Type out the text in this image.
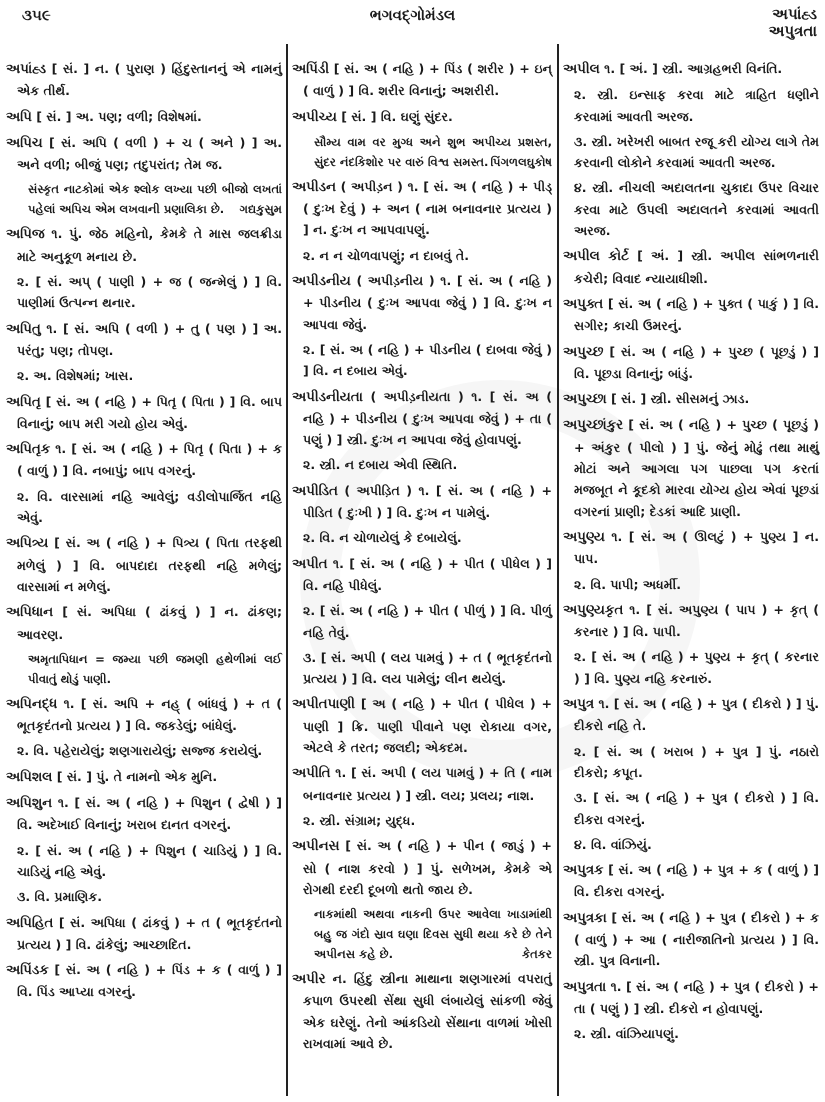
૩૫૯	ભગવદ્ગોમંડલ	અપાંહ્ડ
અપુત્રતા
અપાંહ્ડ [ સં. ] ન. ( પુરાણ ) હિંદુસ્તાનનું એ નામનું એક તીર્થ.
અપિ [ સં. ] અ. પણ; વળી; વિશેષમાં.
અપિચ [ સં. અપિ ( વળી ) + ચ ( અને ) ] અ. અને વળી; બીજું પણ; તદુપરાંત; તેમ જ.
સંસ્કૃત નાટકોમાં એક શ્લોક લખ્યા પછી બીજો લખતાં પહેલાં અપિચ એમ લખવાની પ્રણાલિકા છે. ગદ્યકુસુમ
અપિજ ૧. પું. જેઠ મહિનો, કેમકે તે માસ જલક્રીડા માટે અનુકૂળ મનાય છે.
૨. [ સં. અપ્ ( પાણી ) + જ ( જન્મેલું ) ] વિ. પાણીમાં ઉત્પન્ન થનાર.
અપિતુ ૧. [ સં. અપિ ( વળી ) + તુ ( પણ ) ] અ. પરંતુ; પણ; તોપણ.
૨. અ. વિશેષમાં; ખાસ.
અપિતૃ [ સં. અ ( નહિ ) + પિતૃ ( પિતા ) ] વિ. બાપ વિનાનું; બાપ મરી ગયો હોય એવું.
અપિતૃક ૧. [ સં. અ ( નહિ ) + પિતૃ ( પિતા ) + ક ( વાળું ) ] વિ. નબાપું; બાપ વગરનું.
૨. વિ. વારસામાં નહિ આવેલું; વડીલોપાર્જિત નહિ એવું.
અપિત્ર્ય [ સં. અ ( નહિ ) + પિત્ર્ય ( પિતા તરફથી મળેલું ) ] વિ. બાપદાદા તરફથી નહિ મળેલું; વારસામાં ન મળેલું.
અપિધાન [ સં. અપિધા ( ઢાંકવું ) ] ન. ઢાંકણ; આવરણ.
અમૃતાપિધાન = જમ્યા પછી જમણી હથેળીમાં લઈ પીવાતું થોડું પાણી.
અપિનદ્ધ ૧. [ સં. અપિ + નહ્ ( બાંધવું ) + ત ( ભૂતકૃદંતનો પ્રત્યય ) ] વિ. જકડેલું; બાંધેલું.
૨. વિ. પહેરાયેલું; શણગારાયેલું; સજ્જ કરાયેલું.
અપિશલ [ સં. ] પું. તે નામનો એક મુનિ.
અપિશુન ૧. [ સં. અ ( નહિ ) + પિશુન ( દ્વેષી ) ] વિ. અદેખાઈ વિનાનું; ખરાબ દાનત વગરનું.
૨. [ સં. અ ( નહિ ) + પિશુન ( ચાડિયું ) ] વિ. ચાડિયું નહિ એવું.
૩. વિ. પ્રમાણિક.
અપિહિત [ સં. અપિધા ( ઢાંકવું ) + ત ( ભૂતકૃદંતનો પ્રત્યય ) ] વિ. ઢાંકેલું; આચ્છાદિત.
અપિંડક [ સં. અ ( નહિ ) + પિંડ + ક ( વાળું ) ] વિ. પિંડ આપ્યા વગરનું.
અપિંડી [ સં. અ ( નહિ ) + પિંડ ( શરીર ) + ઇન્ ( વાળું ) ] વિ. શરીર વિનાનું; અશરીરી.
અપીચ્ય [ સં. ] વિ. ઘણું સુંદર.
સૌમ્ય વામ વર મુગ્ધ અને શુભ અપીચ્ય પ્રશસ્ત, સુંદર નંદકિશોર પર વારું વિશ્વ સમસ્ત. પિંગળલઘુકોષ
અપીડન ( અપીડ઼ન ) ૧. [ સં. અ ( નહિ ) + પીડ્ ( દુઃખ દેવું ) + અન ( નામ બનાવનાર પ્રત્યય ) ] ન. દુઃખ ન આપવાપણું.
૨. ન ન ચોળવાપણું; ન દાબવું તે.
અપીડનીય ( અપીડ઼નીય ) ૧. [ સં. અ ( નહિ ) + પીડનીય ( દુઃખ આપવા જેવું ) ] વિ. દુઃખ ન આપવા જેવું.
૨. [ સં. અ ( નહિ ) + પીડનીય ( દાબવા જેવું ) ] વિ. ન દબાય એવું.
અપીડનીયતા ( અપીડ઼નીયતા ) ૧. [ સં. અ ( નહિ ) + પીડનીય ( દુઃખ આપવા જેવું ) + તા ( પણું ) ] સ્ત્રી. દુઃખ ન આપવા જેવું હોવાપણું.
૨. સ્ત્રી. ન દબાય એવી સ્થિતિ.
અપીડિત ( અપીડ઼િત ) ૧. [ સં. અ ( નહિ ) + પીડિત ( દુઃખી ) ] વિ. દુઃખ ન પામેલું.
૨. વિ. ન ચોળાયેલું કે દબાયેલું.
અપીત ૧. [ સં. અ ( નહિ ) + પીત ( પીધેલ ) ] વિ. નહિ પીધેલું.
૨. [ સં. અ ( નહિ ) + પીત ( પીળું ) ] વિ. પીળું નહિ તેવું.
૩. [ સં. અપી ( લય પામવું ) + ત ( ભૂતકૃદંતનો પ્રત્યય ) ] વિ. લય પામેલું; લીન થયેલું.
અપીતપાણી [ અ ( નહિ ) + પીત ( પીધેલ ) + પાણી ] ક્રિ. પાણી પીવાને પણ રોકાયા વગર, એટલે કે તરત; જલદી; એકદમ.
અપીતિ ૧. [ સં. અપી ( લય પામવું ) + તિ ( નામ બનાવનાર પ્રત્યય ) ] સ્ત્રી. લય; પ્રલય; નાશ.
૨. સ્ત્રી. સંગ્રામ; યુદ્ધ.
અપીનસ [ સં. અ ( નહિ ) + પીન ( જાડું ) + સો ( નાશ કરવો ) ] પું. સળેખમ, કેમકે એ રોગથી દરદી દૂબળો થતો જાય છે.
નાકમાંથી અથવા નાકની ઉપર આવેલા ખાડામાંથી બહુ જ ગંદો સ્રાવ ઘણા દિવસ સુધી થયા કરે છે તેને અપીનસ કહે છે.	કેતકર
અપીર ન. હિંદુ સ્ત્રીના માથાના શણગારમાં વપરાતું કપાળ ઉપરથી સેંથા સુધી લંબાયેલું સાંકળી જેવું એક ઘરેણું. તેનો આંકડિયો સેંથાના વાળમાં ખોસી રાખવામાં આવે છે.
અપીલ ૧. [ અં. ] સ્ત્રી. આગ્રહભરી વિનંતિ.
૨. સ્ત્રી. ઇન્સાફ કરવા માટે ત્રાહિત ધણીને કરવામાં આવતી અરજ.
૩. સ્ત્રી. ખરેખરી બાબત રજૂ કરી યોગ્ય લાગે તેમ કરવાની લોકોને કરવામાં આવતી અરજ.
૪. સ્ત્રી. નીચલી અદાલતના ચુકાદા ઉપર વિચાર કરવા માટે ઉપલી અદાલતને કરવામાં આવતી અરજ.
અપીલ કોર્ટ [ અં. ] સ્ત્રી. અપીલ સાંભળનારી કચેરી; વિવાદ ન્યાયાધીશી.
અપુક્ત [ સં. અ ( નહિ ) + પુક્ત ( પાકું ) ] વિ. સગીર; કાચી ઉમરનું.
અપુચ્છ [ સં. અ ( નહિ ) + પુચ્છ ( પૂછડું ) ] વિ. પૂછડા વિનાનું; બાંડું.
અપુચ્છા [ સં. ] સ્ત્રી. સીસમનું ઝાડ.
અપુચ્છાંકુર [ સં. અ ( નહિ ) + પુચ્છ ( પૂછડું ) + અંકુર ( પીલો ) ] પું. જેનું મોઢું તથા માથું મોટાં અને આગલા પગ પાછલા પગ કરતાં મજબૂત ને કૂદકો મારવા યોગ્ય હોય એવાં પૂછડાં વગરનાં પ્રાણી; દેડકાં આદિ પ્રાણી.
અપુણ્ય ૧. [ સં. અ ( ઊલટું ) + પુણ્ય ] ન. પાપ.
૨. વિ. પાપી; અધર્મી.
અપુણ્યકૃત ૧. [ સં. અપુણ્ય ( પાપ ) + કૃત્ ( કરનાર ) ] વિ. પાપી.
૨. [ સં. અ ( નહિ ) + પુણ્ય + કૃત્ ( કરનાર ) ] વિ. પુણ્ય નહિ કરનારું.
અપુત્ર ૧. [ સં. અ ( નહિ ) + પુત્ર ( દીકરો ) ] પું. દીકરો નહિ તે.
૨. [ સં. અ ( ખરાબ ) + પુત્ર ] પું. નઠારો દીકરો; કપૂત.
૩. [ સં. અ ( નહિ ) + પુત્ર ( દીકરો ) ] વિ. દીકરા વગરનું.
૪. વિ. વાંઝિયું.
અપુત્રક [ સં. અ ( નહિ ) + પુત્ર + ક ( વાળું ) ] વિ. દીકરા વગરનું.
અપુત્રકા [ સં. અ ( નહિ ) + પુત્ર ( દીકરો ) + ક ( વાળું ) + આ ( નારીજાતિનો પ્રત્યય ) ] વિ. સ્ત્રી. પુત્ર વિનાની.
અપુત્રતા ૧. [ સં. અ ( નહિ ) + પુત્ર ( દીકરો ) + તા ( પણું ) ] સ્ત્રી. દીકરો ન હોવાપણું.
૨. સ્ત્રી. વાંઝિયાપણું.
